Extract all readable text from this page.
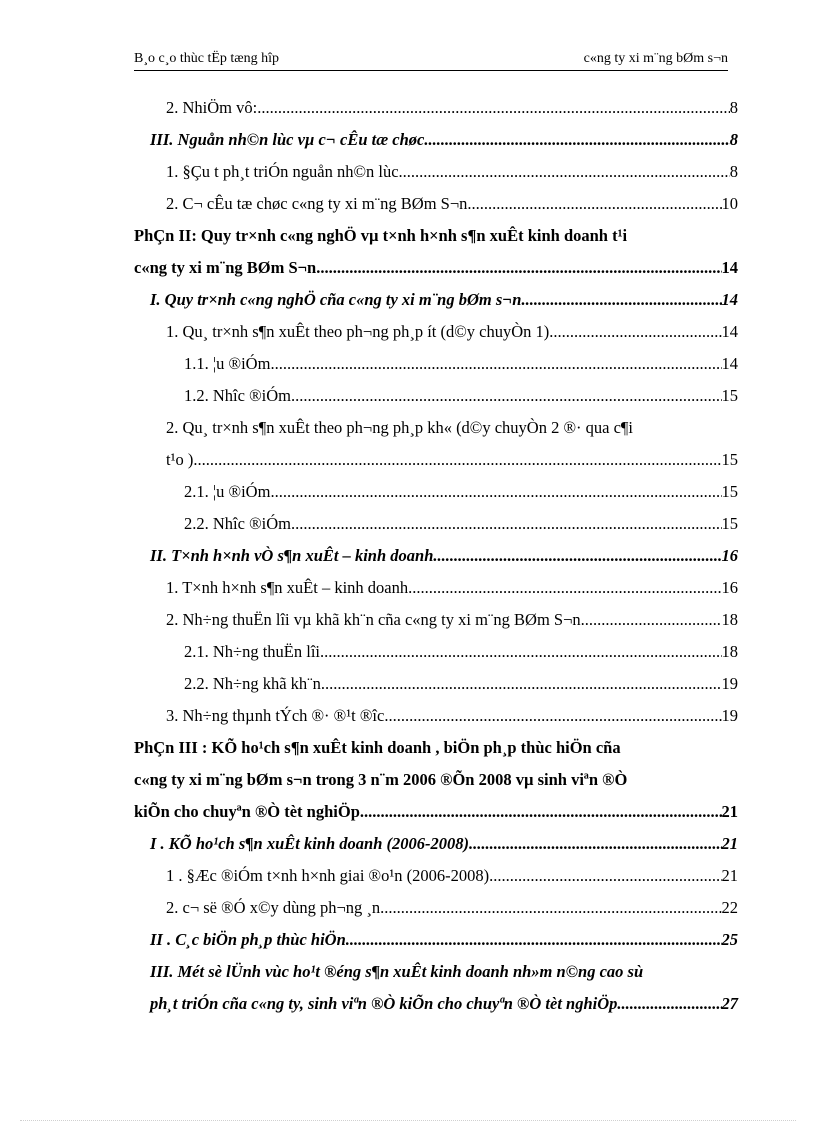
B¸o c¸o thùc tËp tæng hîp	c«ng ty xi m¨ng bØm s¬n
2. NhiÖm vô: .....	8
III. Nguån nh©n lùc vµ c¬ cÊu tæ chøc .....	8
1. §Çu t ph¸t triÓn nguån nh©n lùc .....	8
2. C¬ cÊu tæ chøc c«ng ty xi m¨ng BØm S¬n .....	10
PhÇn II: Quy tr×nh c«ng nghÖ vµ t×nh h×nh s¶n xuÊt kinh doanh t¹i
c«ng ty xi m¨ng BØm S¬n .....	14
I. Quy tr×nh c«ng nghÖ cña c«ng ty xi m¨ng bØm s¬n .....	14
1. Qu¸ tr×nh s¶n xuÊt theo ph¬ng ph¸p ít (d©y chuyÒn 1) .....	14
1.1. ¦u ®iÓm .....	14
1.2. Nhîc ®iÓm .....	15
2. Qu¸ tr×nh s¶n xuÊt theo ph¬ng ph¸p kh« (d©y chuyÒn 2 ®· qua c¶i
t¹o ) .....	15
2.1. ¦u ®iÓm .....	15
2.2. Nhîc ®iÓm .....	15
II. T×nh h×nh vÒ s¶n xuÊt – kinh doanh .....	16
1. T×nh h×nh s¶n xuÊt – kinh doanh .....	16
2. Nh÷ng thuËn lîi vµ khã kh¨n cña c«ng ty xi m¨ng BØm S¬n .....	18
2.1. Nh÷ng thuËn lîi .....	18
2.2. Nh÷ng khã kh¨n .....	19
3. Nh÷ng thµnh tÝch ®· ®¹t ®îc .....	19
PhÇn III : KÕ ho¹ch s¶n xuÊt kinh doanh , biÖn ph¸p thùc hiÖn cña
c«ng ty xi m¨ng bØm s¬n trong 3 n¨m 2006 ®Õn 2008 vµ sinh viªn ®Ò
kiÕn cho chuyªn ®Ò tèt nghiÖp .....	21
I . KÕ ho¹ch s¶n xuÊt kinh doanh (2006-2008) .....	21
1 . §Æc ®iÓm t×nh h×nh giai ®o¹n (2006-2008) .....	21
2. c¬ së ®Ó x©y dùng ph¬ng ¸n .....	22
II . C¸c biÖn ph¸p thùc hiÖn .....	25
III. Mét sè lÜnh vùc ho¹t ®éng s¶n xuÊt kinh doanh nh»m n©ng cao sù
ph¸t triÓn cña c«ng ty, sinh viªn ®Ò kiÕn cho chuyªn ®Ò tèt nghiÖp .....	27
